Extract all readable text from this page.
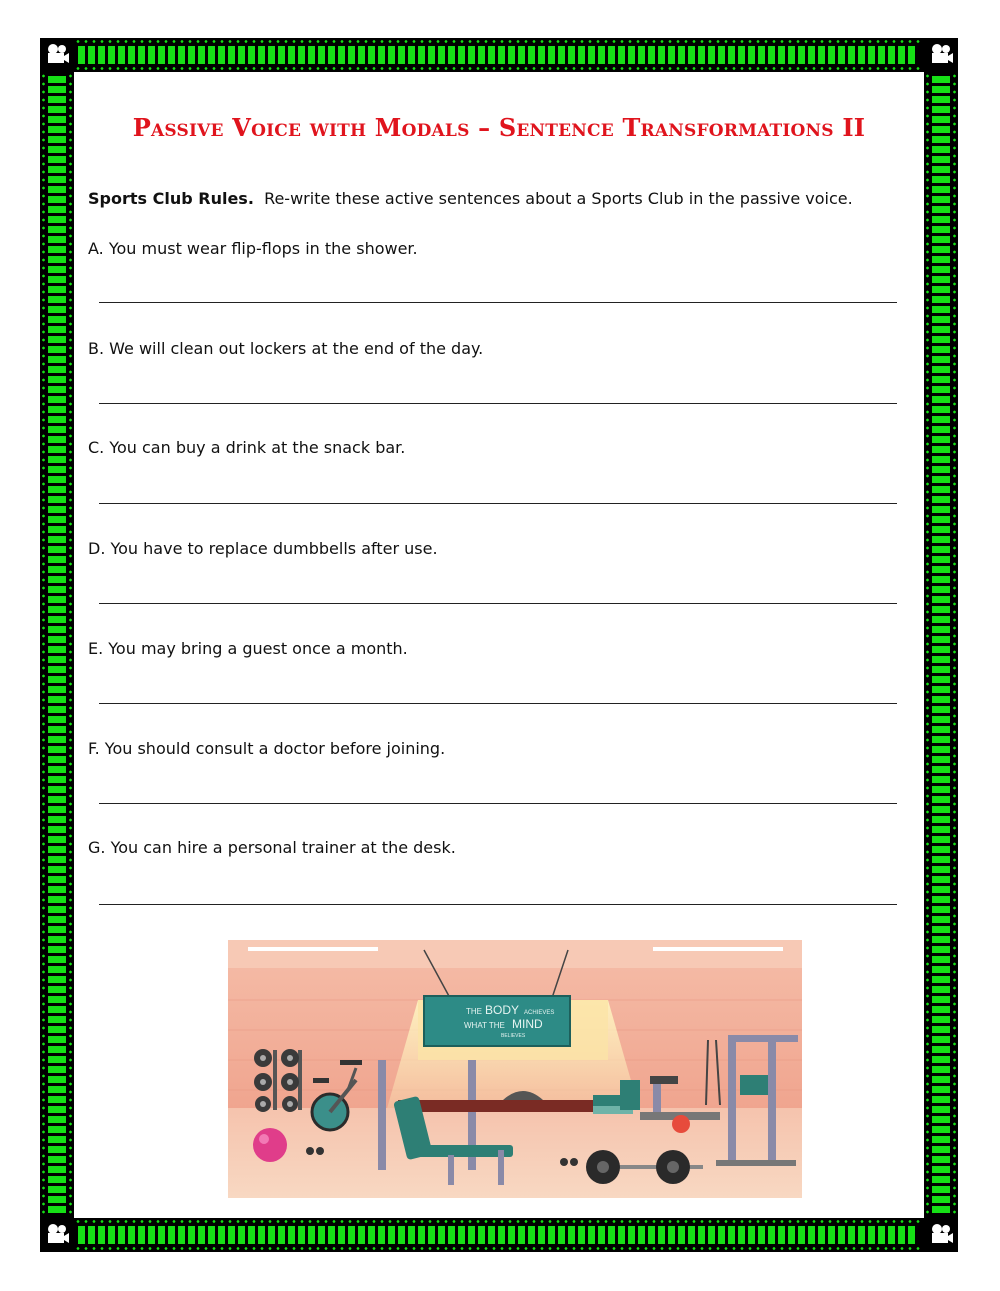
Passive Voice with Modals – Sentence Transformations II
Sports Club Rules. Re-write these active sentences about a Sports Club in the passive voice.
A. You must wear flip-flops in the shower.
B. We will clean out lockers at the end of the day.
C. You can buy a drink at the snack bar.
D. You have to replace dumbbells after use.
E. You may bring a guest once a month.
F. You should consult a doctor before joining.
G. You can hire a personal trainer at the desk.
THE BODY ACHIEVES
WHAT THE MIND
BELIEVES
